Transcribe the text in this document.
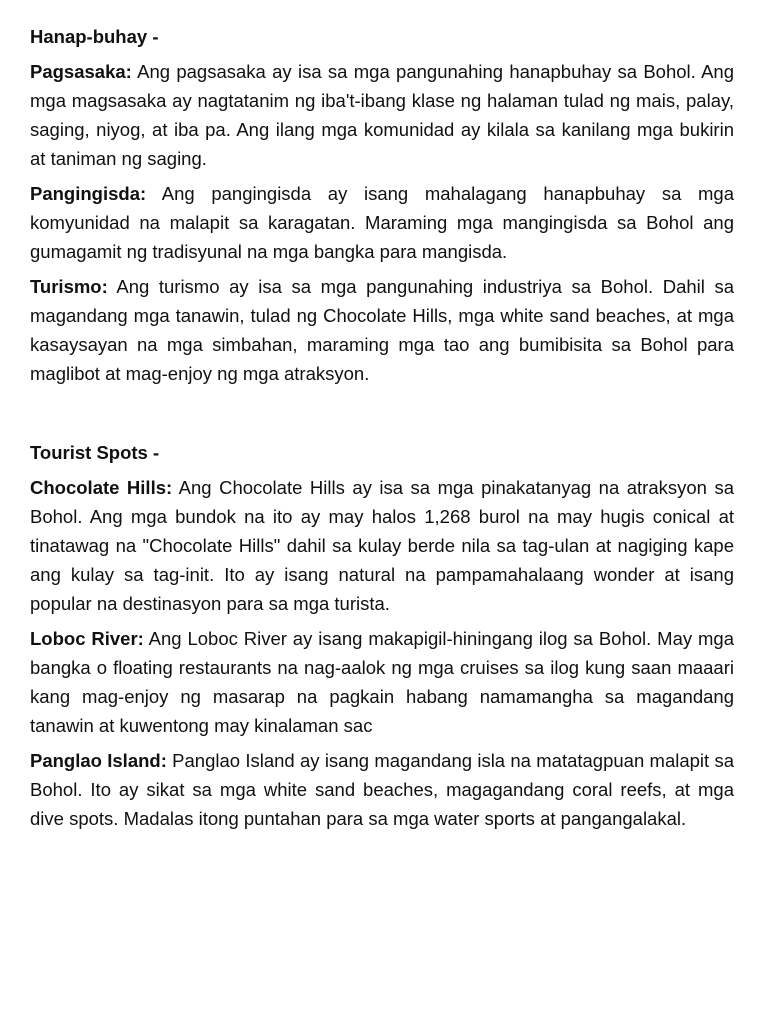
Hanap-buhay -

Pagsasaka: Ang pagsasaka ay isa sa mga pangunahing hanapbuhay sa Bohol. Ang mga magsasaka ay nagtatanim ng iba't-ibang klase ng halaman tulad ng mais, palay, saging, niyog, at iba pa. Ang ilang mga komunidad ay kilala sa kanilang mga bukirin at taniman ng saging.

Pangingisda: Ang pangingisda ay isang mahalagang hanapbuhay sa mga komyunidad na malapit sa karagatan. Maraming mga mangingisda sa Bohol ang gumagamit ng tradisyunal na mga bangka para mangisda.

Turismo: Ang turismo ay isa sa mga pangunahing industriya sa Bohol. Dahil sa magandang mga tanawin, tulad ng Chocolate Hills, mga white sand beaches, at mga kasaysayan na mga simbahan, maraming mga tao ang bumibisita sa Bohol para maglibot at mag-enjoy ng mga atraksyon.

Tourist Spots -

Chocolate Hills: Ang Chocolate Hills ay isa sa mga pinakatanyag na atraksyon sa Bohol. Ang mga bundok na ito ay may halos 1,268 burol na may hugis conical at tinatawag na "Chocolate Hills" dahil sa kulay berde nila sa tag-ulan at nagiging kape ang kulay sa tag-init. Ito ay isang natural na pampamahalaang wonder at isang popular na destinasyon para sa mga turista.

Loboc River: Ang Loboc River ay isang makapigil-hiningang ilog sa Bohol. May mga bangka o floating restaurants na nag-aalok ng mga cruises sa ilog kung saan maaari kang mag-enjoy ng masarap na pagkain habang namamangha sa magandang tanawin at kuwentong may kinalaman sac

Panglao Island: Panglao Island ay isang magandang isla na matatagpuan malapit sa Bohol. Ito ay sikat sa mga white sand beaches, magagandang coral reefs, at mga dive spots. Madalas itong puntahan para sa mga water sports at pangangalakal.
